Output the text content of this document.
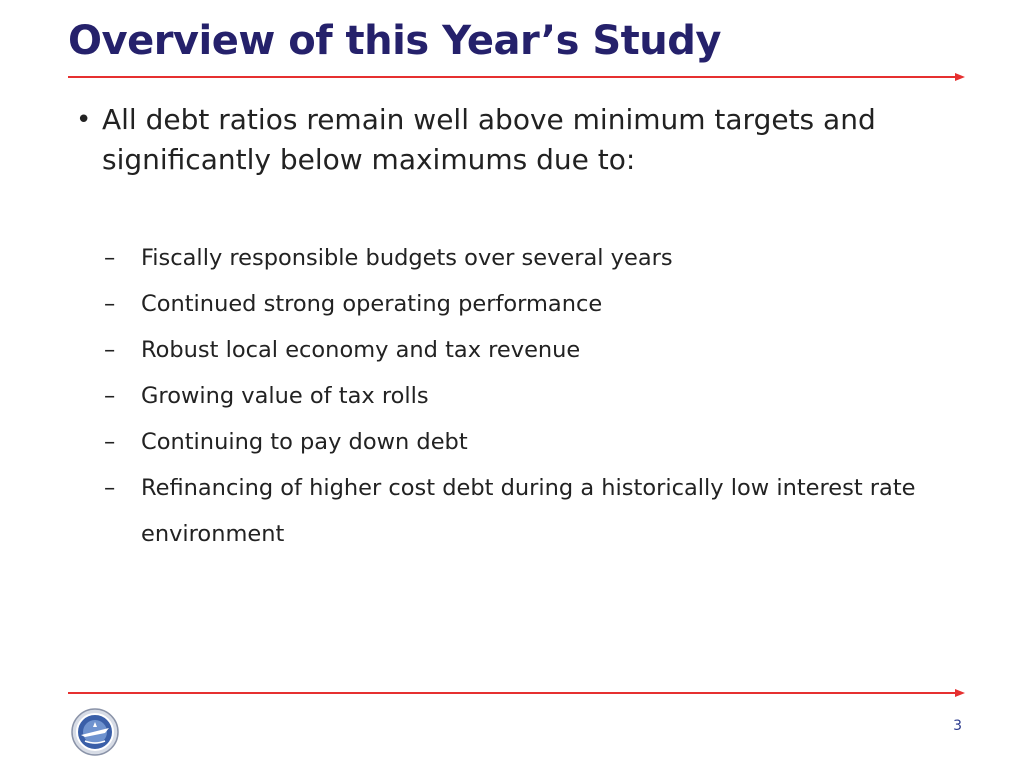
Overview of this Year’s Study
• All debt ratios remain well above minimum targets and significantly below maximums due to:
– Fiscally responsible budgets over several years
– Continued strong operating performance
– Robust local economy and tax revenue
– Growing value of tax rolls
– Continuing to pay down debt
– Refinancing of higher cost debt during a historically low interest rate environment
3
